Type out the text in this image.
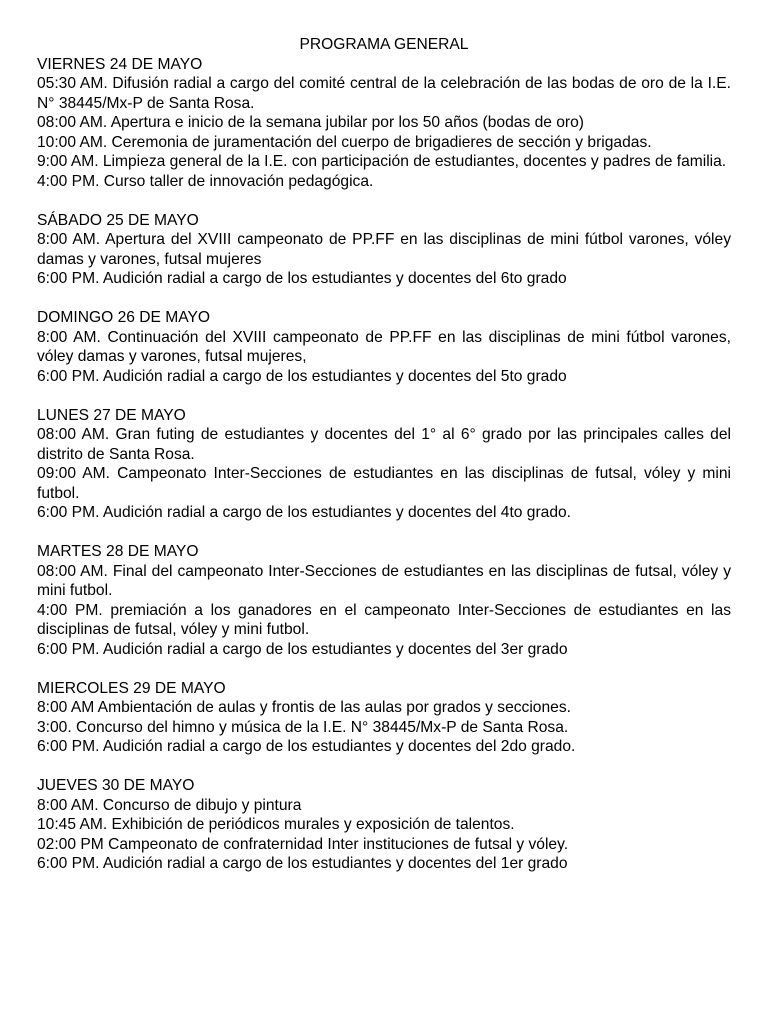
PROGRAMA GENERAL
VIERNES 24 DE MAYO

05:30 AM. Difusión radial a cargo del comité central de la celebración de las bodas de oro de la I.E. N° 38445/Mx-P de Santa Rosa.

08:00 AM. Apertura e inicio de la semana jubilar por los 50 años (bodas de oro)

10:00 AM. Ceremonia de juramentación del cuerpo de brigadieres de sección y brigadas.

9:00 AM. Limpieza general de la I.E. con participación de estudiantes, docentes y padres de familia.

4:00 PM. Curso taller de innovación pedagógica.

SÁBADO 25 DE MAYO

8:00 AM. Apertura del XVIII campeonato de PP.FF en las disciplinas de mini fútbol varones, vóley damas y varones, futsal mujeres

6:00 PM. Audición radial a cargo de los estudiantes y docentes del 6to grado

DOMINGO 26 DE MAYO

8:00 AM. Continuación del XVIII campeonato de PP.FF en las disciplinas de mini fútbol varones, vóley damas y varones, futsal mujeres,

6:00 PM. Audición radial a cargo de los estudiantes y docentes del 5to grado

LUNES 27 DE MAYO

08:00 AM. Gran futing de estudiantes y docentes del 1° al 6° grado por las principales calles del distrito de Santa Rosa.

09:00 AM. Campeonato Inter-Secciones de estudiantes en las disciplinas de futsal, vóley y mini futbol.

6:00 PM. Audición radial a cargo de los estudiantes y docentes del 4to grado.

MARTES 28 DE MAYO

08:00 AM. Final del campeonato Inter-Secciones de estudiantes en las disciplinas de futsal, vóley y mini futbol.

4:00 PM. premiación a los ganadores en el campeonato Inter-Secciones de estudiantes en las disciplinas de futsal, vóley y mini futbol.

6:00 PM. Audición radial a cargo de los estudiantes y docentes del 3er grado

MIERCOLES 29 DE MAYO

8:00 AM Ambientación de aulas y frontis de las aulas por grados y secciones.

3:00. Concurso del himno y música de la I.E. N° 38445/Mx-P de Santa Rosa.

6:00 PM. Audición radial a cargo de los estudiantes y docentes del 2do grado.

JUEVES 30 DE MAYO

8:00 AM. Concurso de dibujo y pintura

10:45 AM. Exhibición de periódicos murales y exposición de talentos.

02:00 PM Campeonato de confraternidad Inter instituciones de futsal y vóley.

6:00 PM. Audición radial a cargo de los estudiantes y docentes del 1er grado
